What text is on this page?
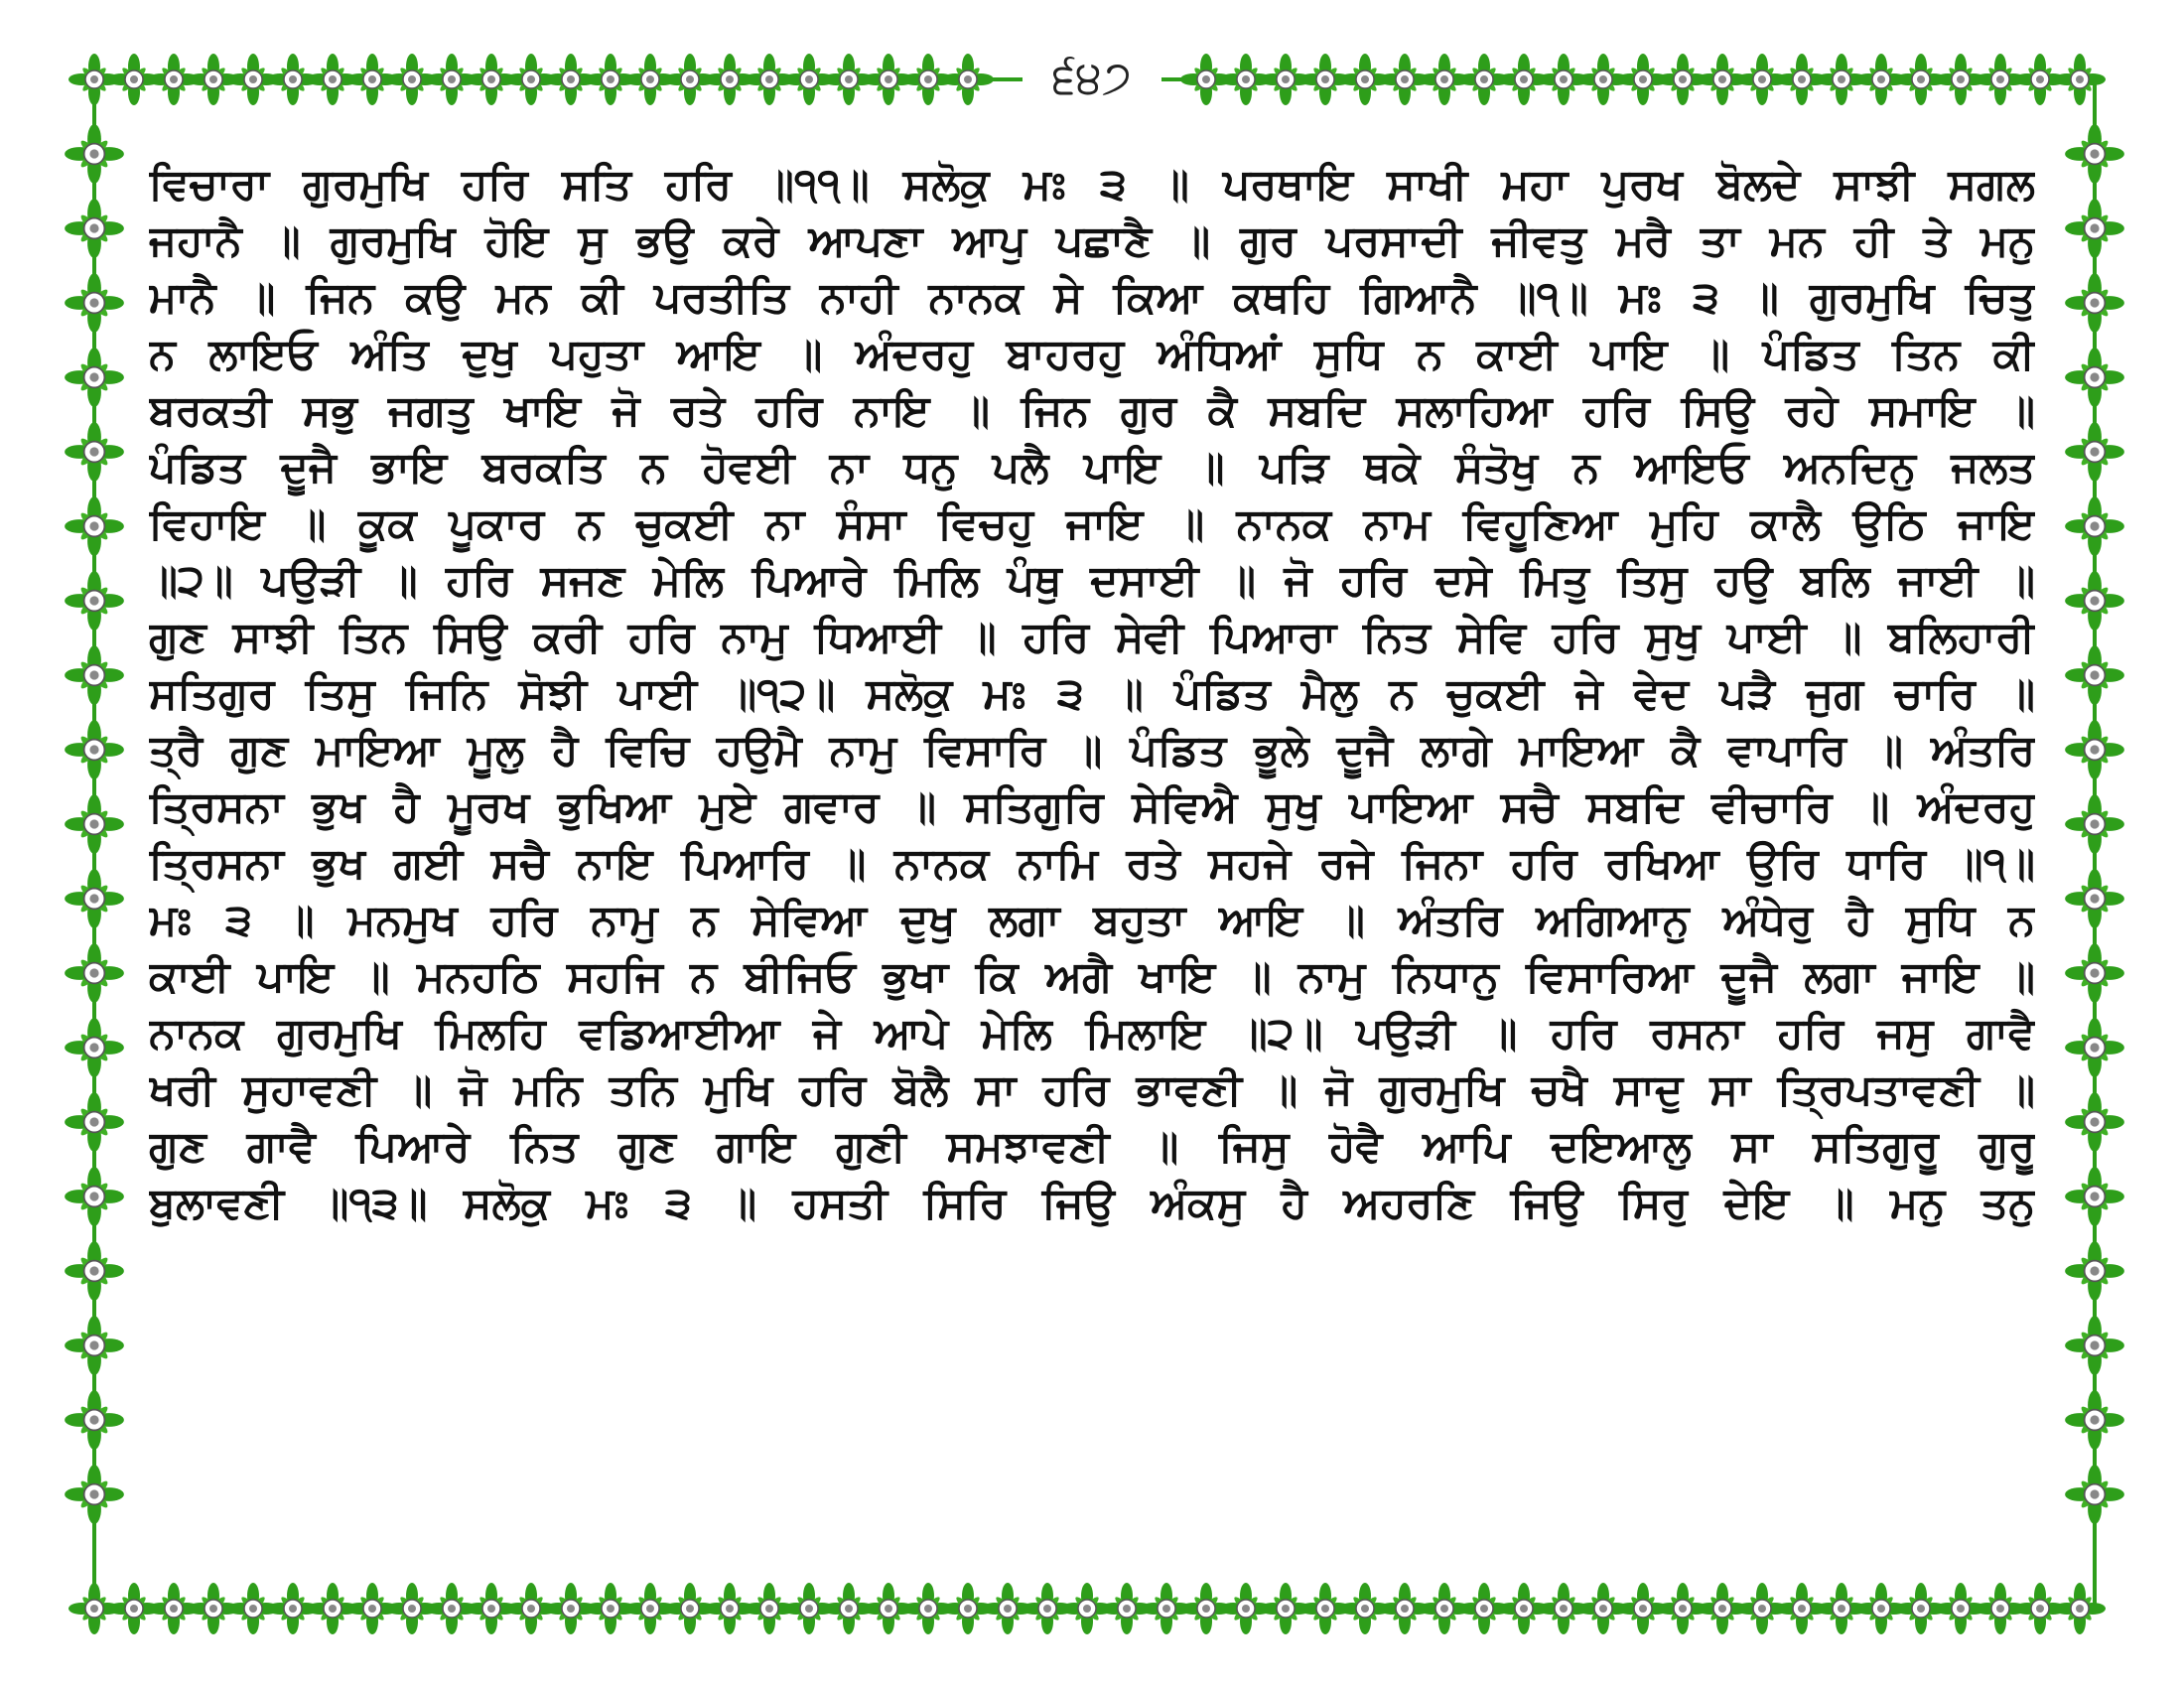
੬੪੭
ਵਿਚਾਰਾ ਗੁਰਮੁਖਿ ਹਰਿ ਸਤਿ ਹਰਿ ॥੧੧॥ ਸਲੋਕੁ ਮਃ ੩ ॥ ਪਰਥਾਇ ਸਾਖੀ ਮਹਾ ਪੁਰਖ ਬੋਲਦੇ ਸਾਝੀ ਸਗਲ
ਜਹਾਨੈ ॥ ਗੁਰਮੁਖਿ ਹੋਇ ਸੁ ਭਉ ਕਰੇ ਆਪਣਾ ਆਪੁ ਪਛਾਣੈ ॥ ਗੁਰ ਪਰਸਾਦੀ ਜੀਵਤੁ ਮਰੈ ਤਾ ਮਨ ਹੀ ਤੇ ਮਨੁ
ਮਾਨੈ ॥ ਜਿਨ ਕਉ ਮਨ ਕੀ ਪਰਤੀਤਿ ਨਾਹੀ ਨਾਨਕ ਸੇ ਕਿਆ ਕਥਹਿ ਗਿਆਨੈ ॥੧॥ ਮਃ ੩ ॥ ਗੁਰਮੁਖਿ ਚਿਤੁ
ਨ ਲਾਇਓ ਅੰਤਿ ਦੁਖੁ ਪਹੁਤਾ ਆਇ ॥ ਅੰਦਰਹੁ ਬਾਹਰਹੁ ਅੰਧਿਆਂ ਸੁਧਿ ਨ ਕਾਈ ਪਾਇ ॥ ਪੰਡਿਤ ਤਿਨ ਕੀ
ਬਰਕਤੀ ਸਭੁ ਜਗਤੁ ਖਾਇ ਜੋ ਰਤੇ ਹਰਿ ਨਾਇ ॥ ਜਿਨ ਗੁਰ ਕੈ ਸਬਦਿ ਸਲਾਹਿਆ ਹਰਿ ਸਿਉ ਰਹੇ ਸਮਾਇ ॥
ਪੰਡਿਤ ਦੂਜੈ ਭਾਇ ਬਰਕਤਿ ਨ ਹੋਵਈ ਨਾ ਧਨੁ ਪਲੈ ਪਾਇ ॥ ਪੜਿ ਥਕੇ ਸੰਤੋਖੁ ਨ ਆਇਓ ਅਨਦਿਨੁ ਜਲਤ
ਵਿਹਾਇ ॥ ਕੂਕ ਪੂਕਾਰ ਨ ਚੁਕਈ ਨਾ ਸੰਸਾ ਵਿਚਹੁ ਜਾਇ ॥ ਨਾਨਕ ਨਾਮ ਵਿਹੂਣਿਆ ਮੁਹਿ ਕਾਲੈ ਉਠਿ ਜਾਇ
॥੨॥ ਪਉੜੀ ॥ ਹਰਿ ਸਜਣ ਮੇਲਿ ਪਿਆਰੇ ਮਿਲਿ ਪੰਥੁ ਦਸਾਈ ॥ ਜੋ ਹਰਿ ਦਸੇ ਮਿਤੁ ਤਿਸੁ ਹਉ ਬਲਿ ਜਾਈ ॥
ਗੁਣ ਸਾਝੀ ਤਿਨ ਸਿਉ ਕਰੀ ਹਰਿ ਨਾਮੁ ਧਿਆਈ ॥ ਹਰਿ ਸੇਵੀ ਪਿਆਰਾ ਨਿਤ ਸੇਵਿ ਹਰਿ ਸੁਖੁ ਪਾਈ ॥ ਬਲਿਹਾਰੀ
ਸਤਿਗੁਰ ਤਿਸੁ ਜਿਨਿ ਸੋਝੀ ਪਾਈ ॥੧੨॥ ਸਲੋਕੁ ਮਃ ੩ ॥ ਪੰਡਿਤ ਮੈਲੁ ਨ ਚੁਕਈ ਜੇ ਵੇਦ ਪੜੈ ਜੁਗ ਚਾਰਿ ॥
ਤ੍ਰੈ ਗੁਣ ਮਾਇਆ ਮੂਲੁ ਹੈ ਵਿਚਿ ਹਉਮੈ ਨਾਮੁ ਵਿਸਾਰਿ ॥ ਪੰਡਿਤ ਭੂਲੇ ਦੂਜੈ ਲਾਗੇ ਮਾਇਆ ਕੈ ਵਾਪਾਰਿ ॥ ਅੰਤਰਿ
ਤ੍ਰਿਸਨਾ ਭੁਖ ਹੈ ਮੂਰਖ ਭੁਖਿਆ ਮੁਏ ਗਵਾਰ ॥ ਸਤਿਗੁਰਿ ਸੇਵਿਐ ਸੁਖੁ ਪਾਇਆ ਸਚੈ ਸਬਦਿ ਵੀਚਾਰਿ ॥ ਅੰਦਰਹੁ
ਤ੍ਰਿਸਨਾ ਭੁਖ ਗਈ ਸਚੈ ਨਾਇ ਪਿਆਰਿ ॥ ਨਾਨਕ ਨਾਮਿ ਰਤੇ ਸਹਜੇ ਰਜੇ ਜਿਨਾ ਹਰਿ ਰਖਿਆ ਉਰਿ ਧਾਰਿ ॥੧॥
ਮਃ ੩ ॥ ਮਨਮੁਖ ਹਰਿ ਨਾਮੁ ਨ ਸੇਵਿਆ ਦੁਖੁ ਲਗਾ ਬਹੁਤਾ ਆਇ ॥ ਅੰਤਰਿ ਅਗਿਆਨੁ ਅੰਧੇਰੁ ਹੈ ਸੁਧਿ ਨ
ਕਾਈ ਪਾਇ ॥ ਮਨਹਠਿ ਸਹਜਿ ਨ ਬੀਜਿਓ ਭੁਖਾ ਕਿ ਅਗੈ ਖਾਇ ॥ ਨਾਮੁ ਨਿਧਾਨੁ ਵਿਸਾਰਿਆ ਦੂਜੈ ਲਗਾ ਜਾਇ ॥
ਨਾਨਕ ਗੁਰਮੁਖਿ ਮਿਲਹਿ ਵਡਿਆਈਆ ਜੇ ਆਪੇ ਮੇਲਿ ਮਿਲਾਇ ॥੨॥ ਪਉੜੀ ॥ ਹਰਿ ਰਸਨਾ ਹਰਿ ਜਸੁ ਗਾਵੈ
ਖਰੀ ਸੁਹਾਵਣੀ ॥ ਜੋ ਮਨਿ ਤਨਿ ਮੁਖਿ ਹਰਿ ਬੋਲੈ ਸਾ ਹਰਿ ਭਾਵਣੀ ॥ ਜੋ ਗੁਰਮੁਖਿ ਚਖੈ ਸਾਦੁ ਸਾ ਤ੍ਰਿਪਤਾਵਣੀ ॥
ਗੁਣ ਗਾਵੈ ਪਿਆਰੇ ਨਿਤ ਗੁਣ ਗਾਇ ਗੁਣੀ ਸਮਝਾਵਣੀ ॥ ਜਿਸੁ ਹੋਵੈ ਆਪਿ ਦਇਆਲੁ ਸਾ ਸਤਿਗੁਰੂ ਗੁਰੂ
ਬੁਲਾਵਣੀ ॥੧੩॥ ਸਲੋਕੁ ਮਃ ੩ ॥ ਹਸਤੀ ਸਿਰਿ ਜਿਉ ਅੰਕਸੁ ਹੈ ਅਹਰਣਿ ਜਿਉ ਸਿਰੁ ਦੇਇ ॥ ਮਨੁ ਤਨੁ
